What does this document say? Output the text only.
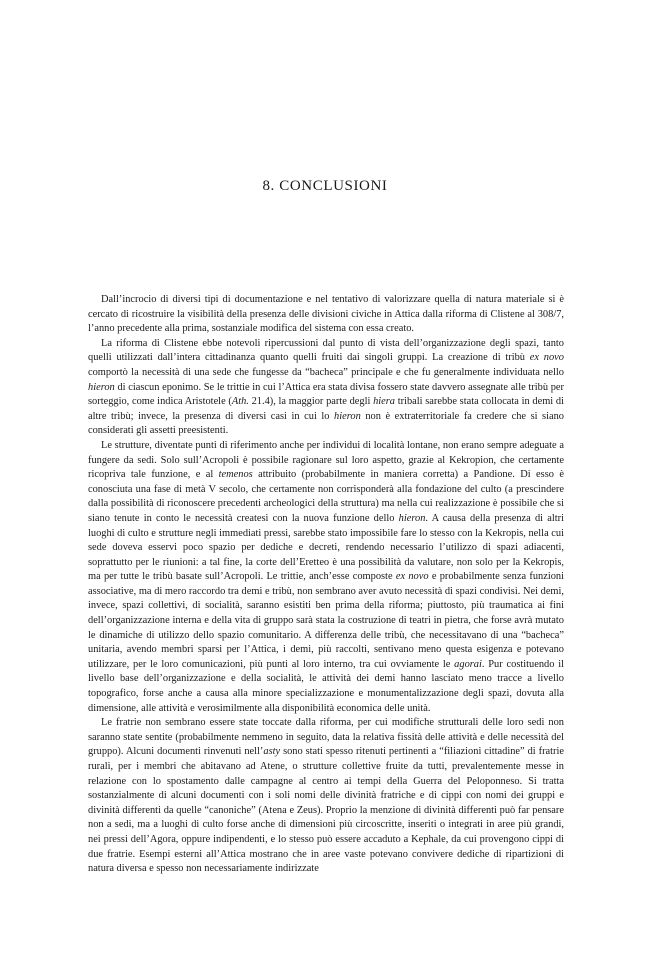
8. CONCLUSIONI

Dall’incrocio di diversi tipi di documentazione e nel tentativo di valorizzare quella di natura materiale si è cercato di ricostruire la visibilità della presenza delle divisioni civiche in Attica dalla riforma di Clistene al 308/7, l’anno precedente alla prima, sostanziale modifica del sistema con essa creato.

La riforma di Clistene ebbe notevoli ripercussioni dal punto di vista dell’organizzazione degli spazi, tanto quelli utilizzati dall’intera cittadinanza quanto quelli fruiti dai singoli gruppi. La creazione di tribù ex novo comportò la necessità di una sede che fungesse da “bacheca” principale e che fu generalmente individuata nello hieron di ciascun eponimo. Se le trittie in cui l’Attica era stata divisa fossero state davvero assegnate alle tribù per sorteggio, come indica Aristotele (Ath. 21.4), la maggior parte degli hiera tribali sarebbe stata collocata in demi di altre tribù; invece, la presenza di diversi casi in cui lo hieron non è extraterritoriale fa credere che si siano considerati gli assetti preesistenti.

Le strutture, diventate punti di riferimento anche per individui di località lontane, non erano sempre adeguate a fungere da sedi. Solo sull’Acropoli è possibile ragionare sul loro aspetto, grazie al Kekropion, che certamente ricopriva tale funzione, e al temenos attribuito (probabilmente in maniera corretta) a Pandione. Di esso è conosciuta una fase di metà V secolo, che certamente non corrisponderà alla fondazione del culto (a prescindere dalla possibilità di riconoscere precedenti archeologici della struttura) ma nella cui realizzazione è possibile che si siano tenute in conto le necessità createsi con la nuova funzione dello hieron. A causa della presenza di altri luoghi di culto e strutture negli immediati pressi, sarebbe stato impossibile fare lo stesso con la Kekropis, nella cui sede doveva esservi poco spazio per dediche e decreti, rendendo necessario l’utilizzo di spazi adiacenti, soprattutto per le riunioni: a tal fine, la corte dell’Eretteo è una possibilità da valutare, non solo per la Kekropis, ma per tutte le tribù basate sull’Acropoli. Le trittie, anch’esse composte ex novo e probabilmente senza funzioni associative, ma di mero raccordo tra demi e tribù, non sembrano aver avuto necessità di spazi condivisi. Nei demi, invece, spazi collettivi, di socialità, saranno esistiti ben prima della riforma; piuttosto, più traumatica ai fini dell’organizzazione interna e della vita di gruppo sarà stata la costruzione di teatri in pietra, che forse avrà mutato le dinamiche di utilizzo dello spazio comunitario. A differenza delle tribù, che necessitavano di una “bacheca” unitaria, avendo membri sparsi per l’Attica, i demi, più raccolti, sentivano meno questa esigenza e potevano utilizzare, per le loro comunicazioni, più punti al loro interno, tra cui ovviamente le agorai. Pur costituendo il livello base dell’organizzazione e della socialità, le attività dei demi hanno lasciato meno tracce a livello topografico, forse anche a causa alla minore specializzazione e monumentalizzazione degli spazi, dovuta alla dimensione, alle attività e verosimilmente alla disponibilità economica delle unità.

Le fratrie non sembrano essere state toccate dalla riforma, per cui modifiche strutturali delle loro sedi non saranno state sentite (probabilmente nemmeno in seguito, data la relativa fissità delle attività e delle necessità del gruppo). Alcuni documenti rinvenuti nell’asty sono stati spesso ritenuti pertinenti a “filiazioni cittadine” di fratrie rurali, per i membri che abitavano ad Atene, o strutture collettive fruite da tutti, prevalentemente messe in relazione con lo spostamento dalle campagne al centro ai tempi della Guerra del Peloponneso. Si tratta sostanzialmente di alcuni documenti con i soli nomi delle divinità fratriche e di cippi con nomi dei gruppi e divinità differenti da quelle “canoniche” (Atena e Zeus). Proprio la menzione di divinità differenti può far pensare non a sedi, ma a luoghi di culto forse anche di dimensioni più circoscritte, inseriti o integrati in aree più grandi, nei pressi dell’Agora, oppure indipendenti, e lo stesso può essere accaduto a Kephale, da cui provengono cippi di due fratrie. Esempi esterni all’Attica mostrano che in aree vaste potevano convivere dediche di ripartizioni di natura diversa e spesso non necessariamente indirizzate
